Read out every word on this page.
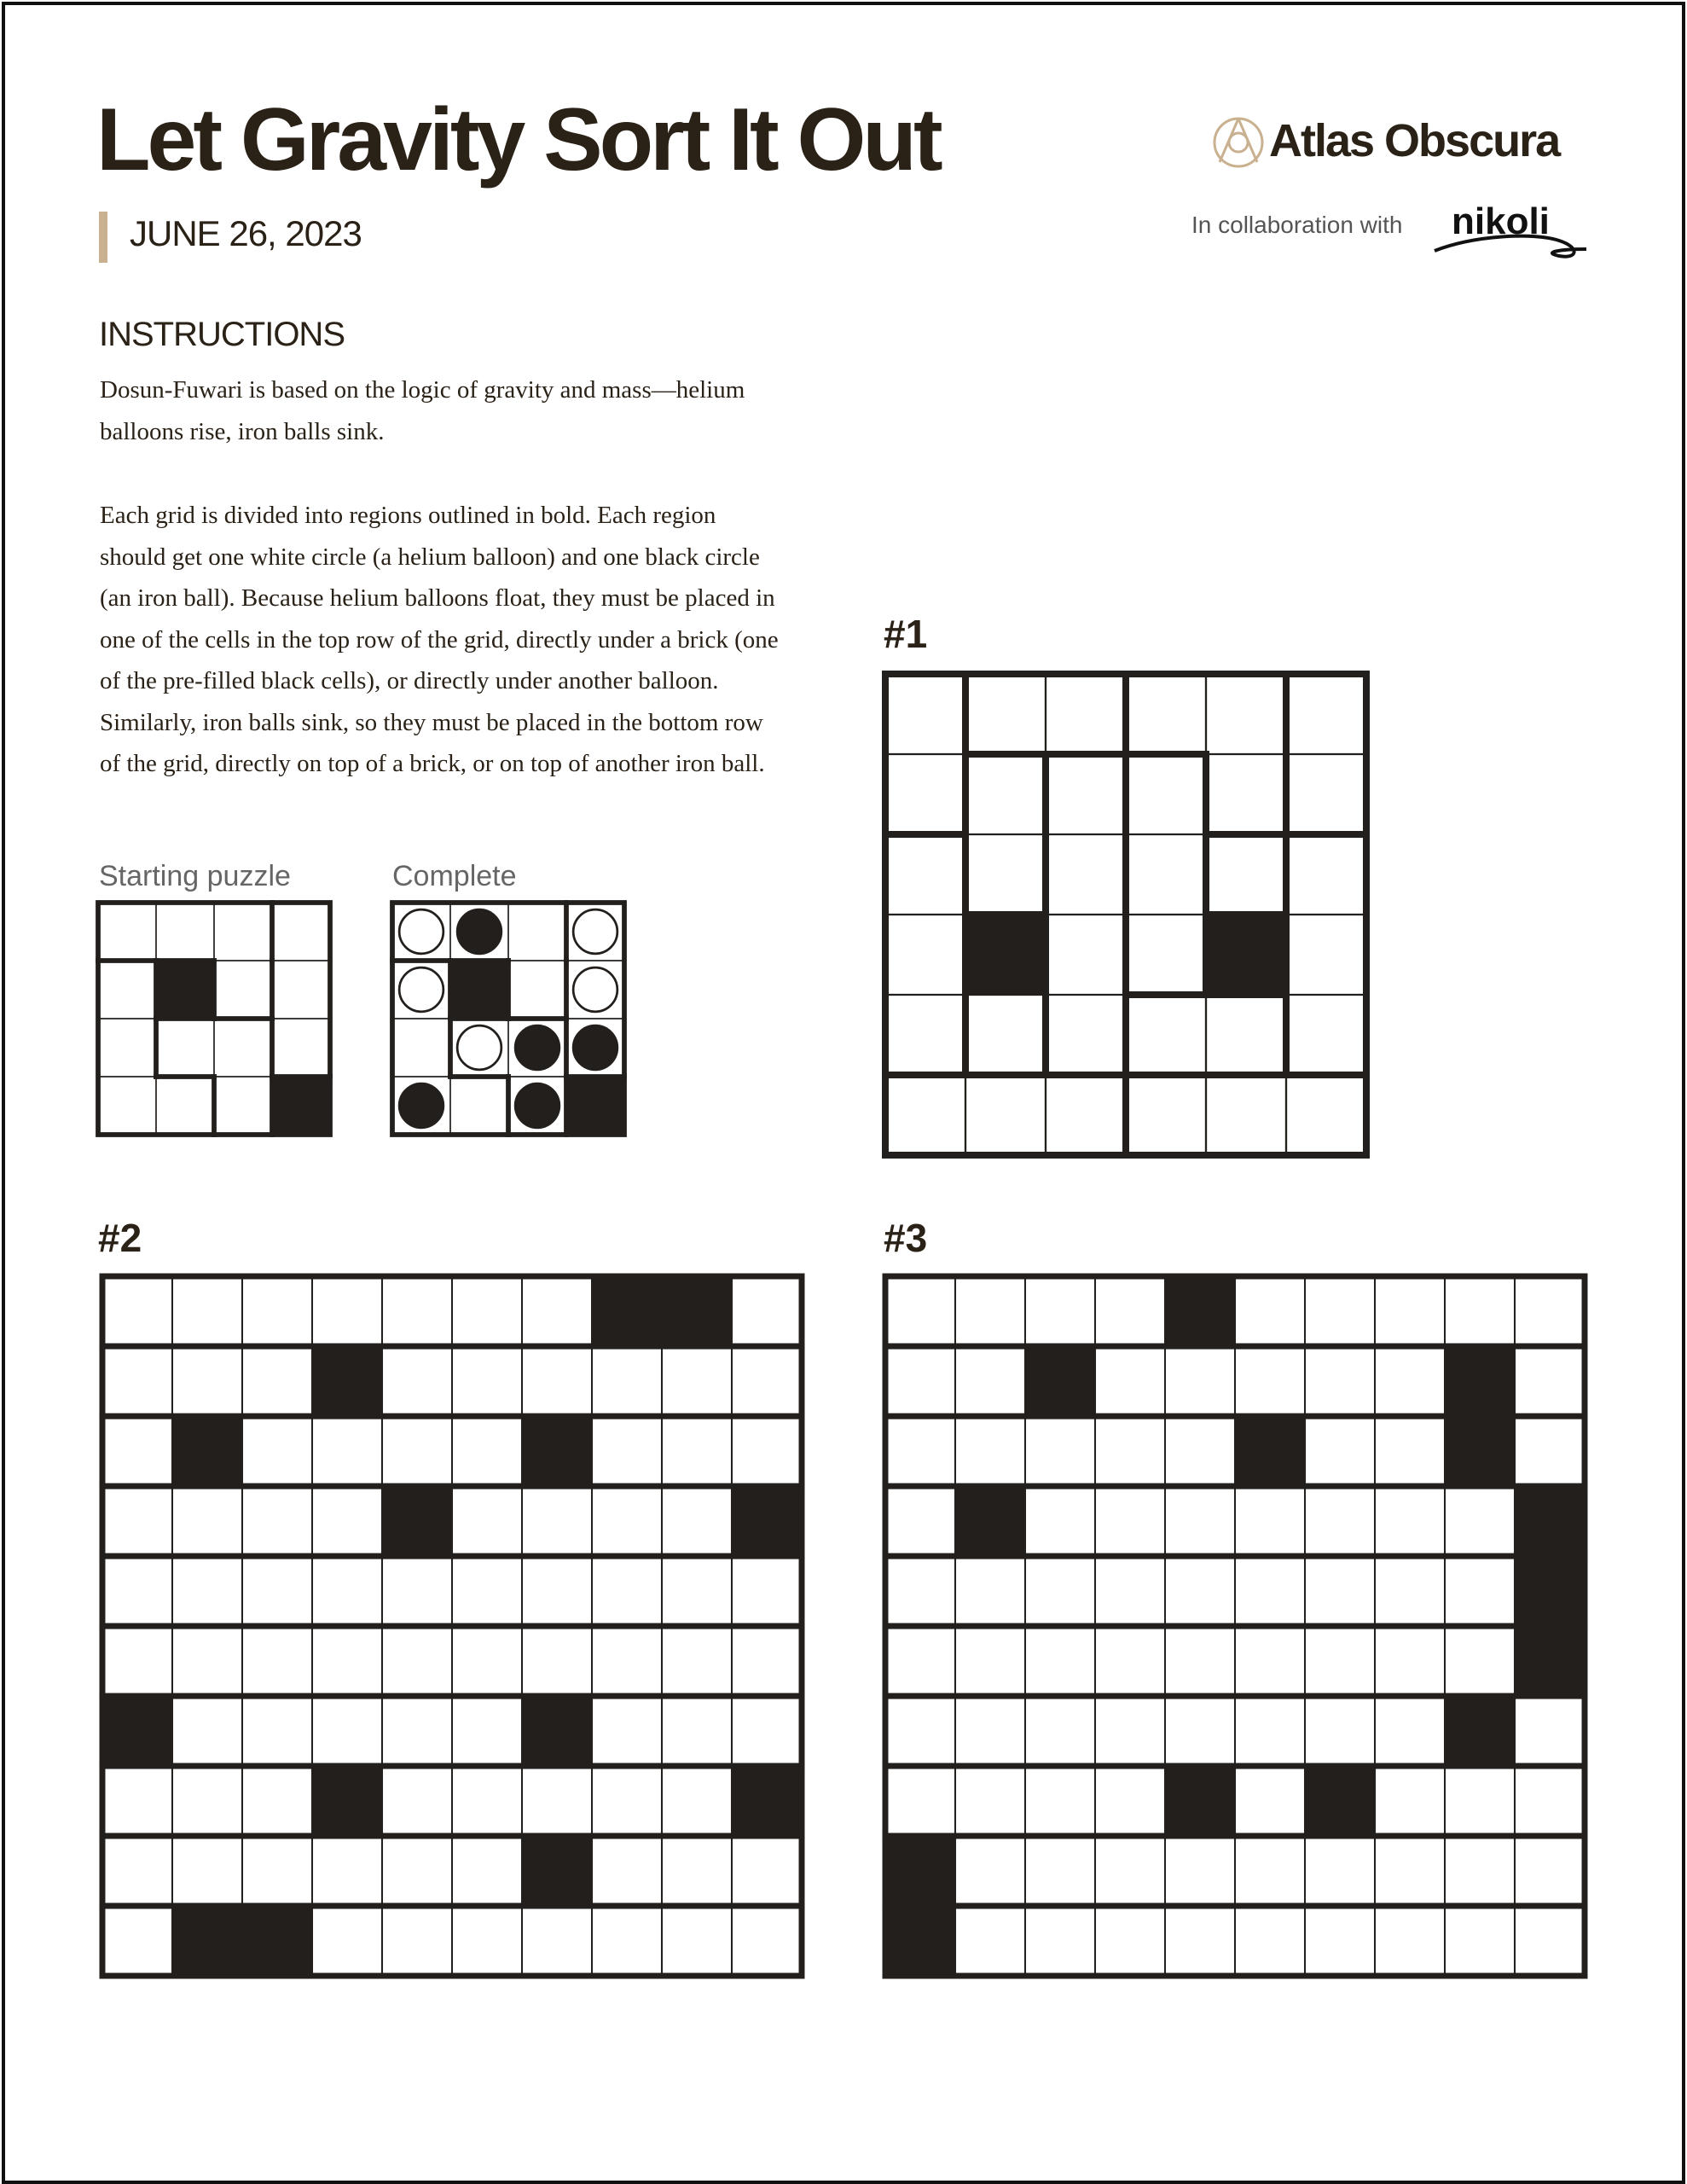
Let Gravity Sort It Out
JUNE 26, 2023
Atlas Obscura
In collaboration with nikoli
INSTRUCTIONS

Dosun-Fuwari is based on the logic of gravity and mass—helium balloons rise, iron balls sink.

Each grid is divided into regions outlined in bold. Each region should get one white circle (a helium balloon) and one black circle (an iron ball). Because helium balloons float, they must be placed in one of the cells in the top row of the grid, directly under a brick (one of the pre-filled black cells), or directly under another balloon. Similarly, iron balls sink, so they must be placed in the bottom row of the grid, directly on top of a brick, or on top of another iron ball.

Starting puzzle	Complete
#1
#2	#3
